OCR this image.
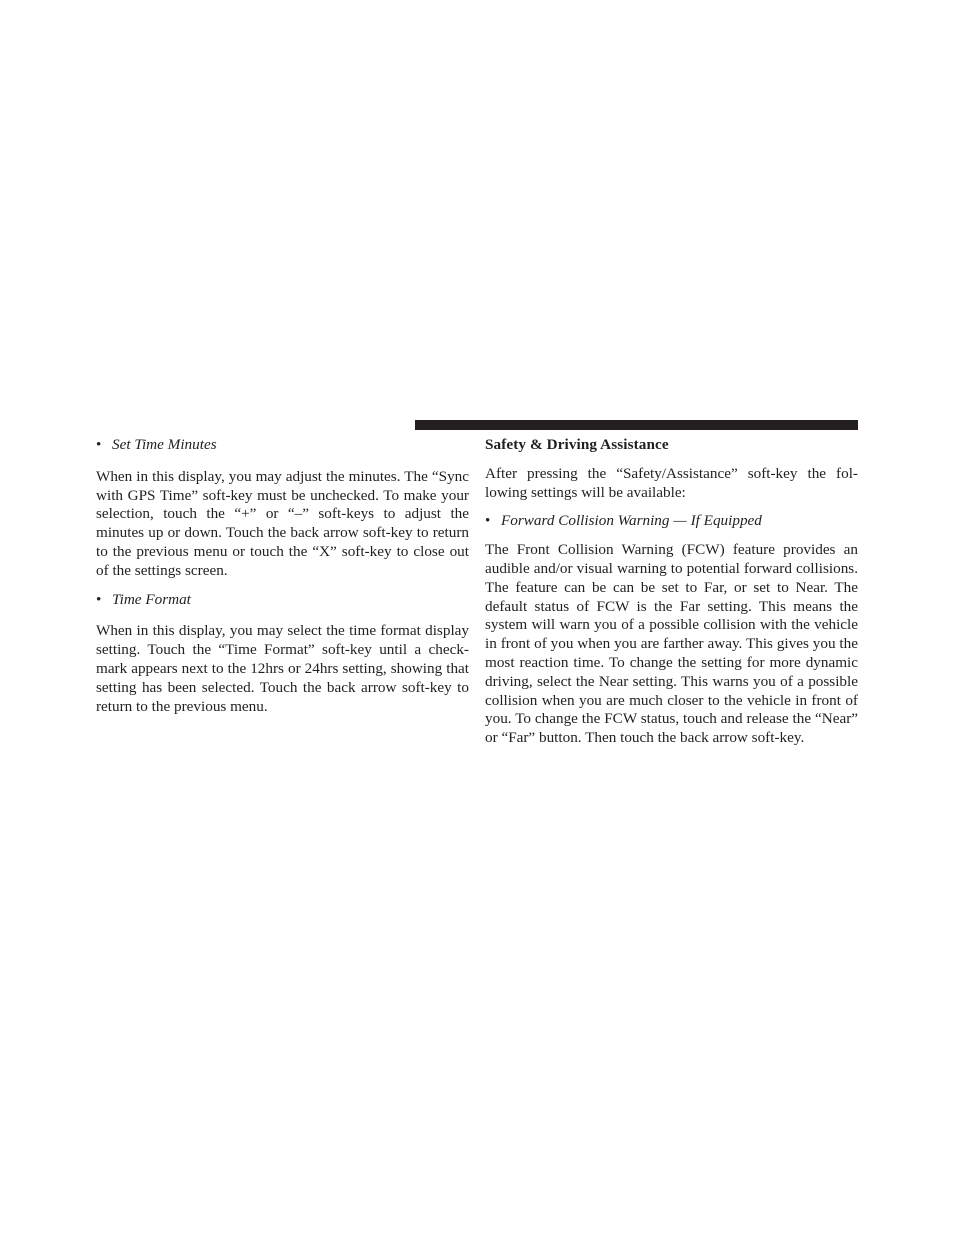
• Set Time Minutes

When in this display, you may adjust the minutes. The “Sync with GPS Time” soft-key must be unchecked. To make your selection, touch the “+” or “–” soft-keys to adjust the minutes up or down. Touch the back arrow soft-key to return to the previous menu or touch the “X” soft-key to close out of the settings screen.

• Time Format

When in this display, you may select the time format display setting. Touch the “Time Format” soft-key until a check-mark appears next to the 12hrs or 24hrs setting, showing that setting has been selected. Touch the back arrow soft-key to return to the previous menu.

Safety & Driving Assistance

After pressing the “Safety/Assistance” soft-key the fol-lowing settings will be available:

• Forward Collision Warning — If Equipped

The Front Collision Warning (FCW) feature provides an audible and/or visual warning to potential forward collisions. The feature can be can be set to Far, or set to Near. The default status of FCW is the Far setting. This means the system will warn you of a possible collision with the vehicle in front of you when you are farther away. This gives you the most reaction time. To change the setting for more dynamic driving, select the Near setting. This warns you of a possible collision when you are much closer to the vehicle in front of you. To change the FCW status, touch and release the “Near” or “Far” button. Then touch the back arrow soft-key.
